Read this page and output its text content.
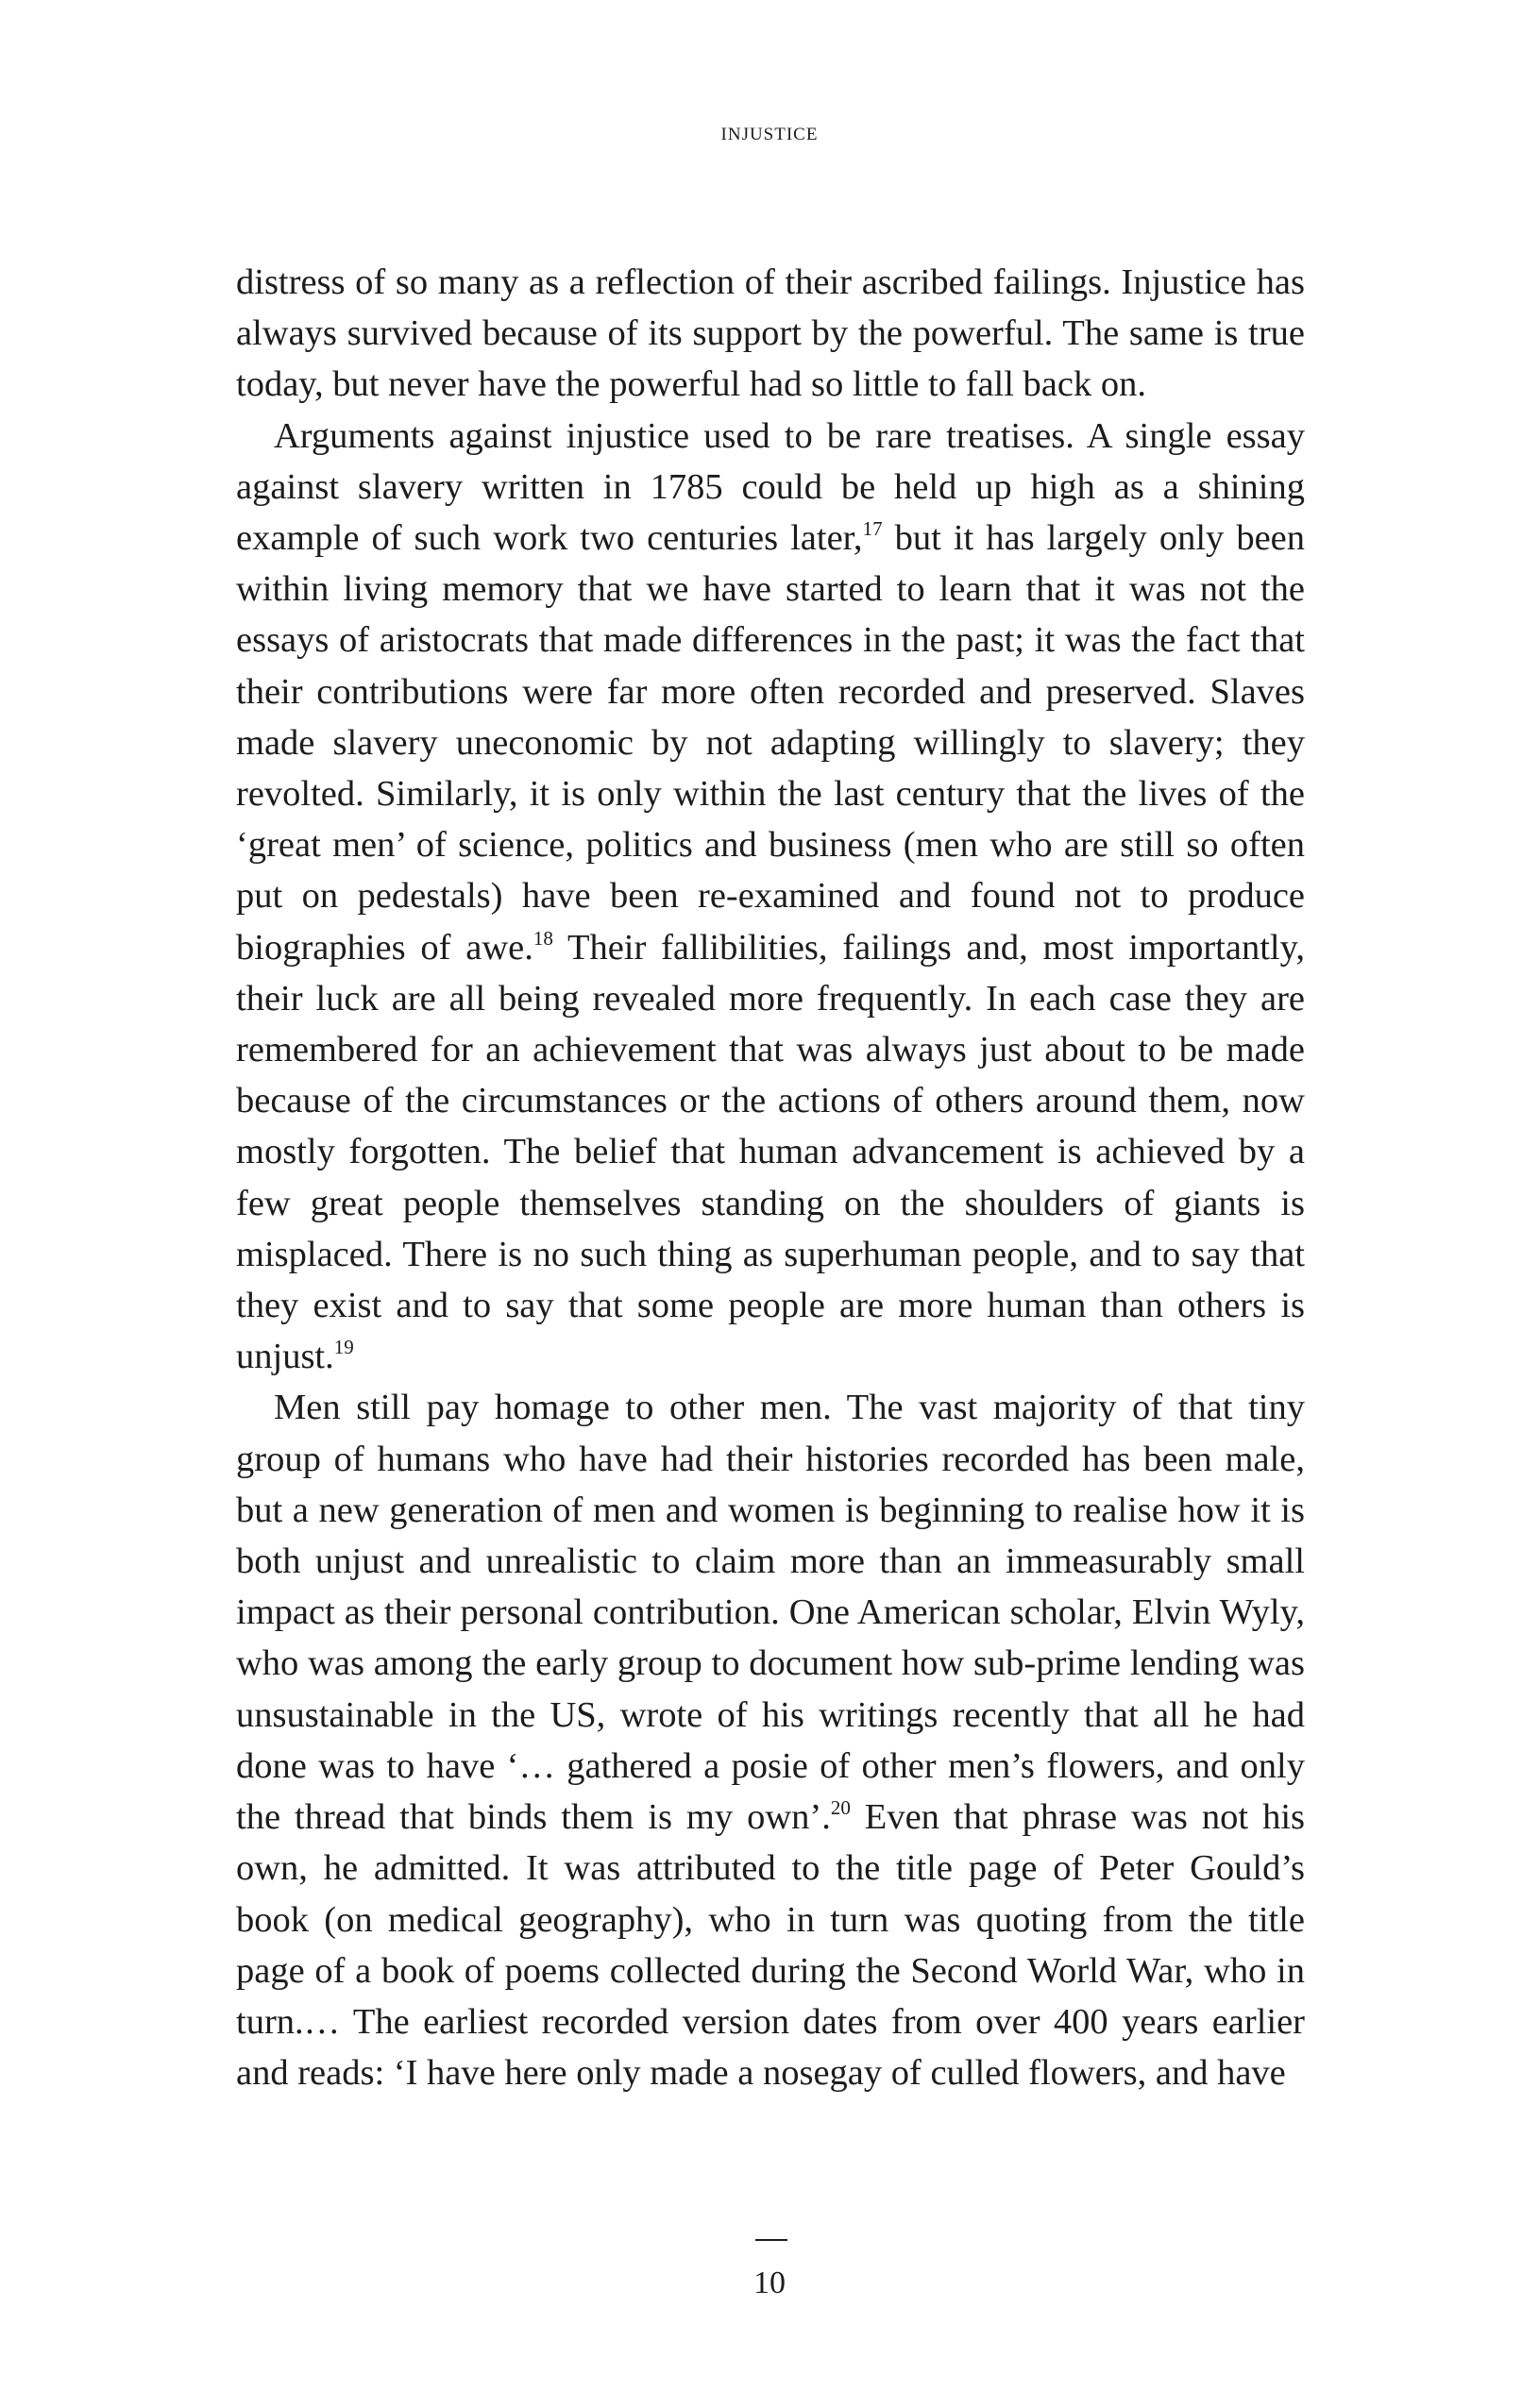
injustice

distress of so many as a reflection of their ascribed failings. Injustice has always survived because of its support by the powerful. The same is true today, but never have the powerful had so little to fall back on.

Arguments against injustice used to be rare treatises. A single essay against slavery written in 1785 could be held up high as a shining example of such work two centuries later,$^{17}$ but it has largely only been within living memory that we have started to learn that it was not the essays of aristocrats that made differences in the past; it was the fact that their contributions were far more often recorded and preserved. Slaves made slavery uneconomic by not adapting willingly to slavery; they revolted. Similarly, it is only within the last century that the lives of the ‘great men’ of science, politics and business (men who are still so often put on pedestals) have been re-examined and found not to produce biographies of awe.$^{18}$ Their fallibilities, failings and, most importantly, their luck are all being revealed more frequently. In each case they are remembered for an achievement that was always just about to be made because of the circumstances or the actions of others around them, now mostly forgotten. The belief that human advancement is achieved by a few great people themselves standing on the shoulders of giants is misplaced. There is no such thing as superhuman people, and to say that they exist and to say that some people are more human than others is unjust.$^{19}$

Men still pay homage to other men. The vast majority of that tiny group of humans who have had their histories recorded has been male, but a new generation of men and women is beginning to realise how it is both unjust and unrealistic to claim more than an immeasurably small impact as their personal contribution. One American scholar, Elvin Wyly, who was among the early group to document how sub-prime lending was unsustainable in the US, wrote of his writings recently that all he had done was to have ‘… gathered a posie of other men’s flowers, and only the thread that binds them is my own’.$^{20}$ Even that phrase was not his own, he admitted. It was attributed to the title page of Peter Gould’s book (on medical geography), who in turn was quoting from the title page of a book of poems collected during the Second World War, who in turn.… The earliest recorded version dates from over 400 years earlier and reads: ‘I have here only made a nosegay of culled flowers, and have

10
